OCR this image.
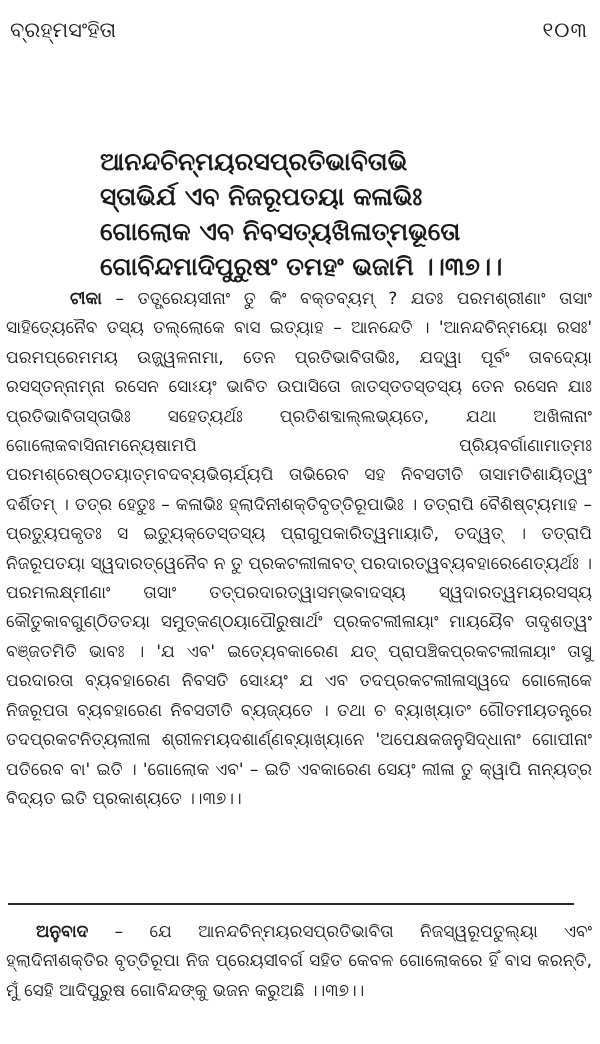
ବ୍ରହ୍ମସଂହିତା	୧୦୩
ଆନନ୍ଦଚିନ୍ମୟରସପ୍ରତିଭାବିତାଭି
ସ୍ତାଭିର୍ଯ ଏବ ନିଜରୂପତୟା କଳାଭିଃ
ଗୋଲୋକ ଏବ ନିବସତ୍ୟଖିଳାତ୍ମଭୂତୋ
ଗୋବିନ୍ଦମାଦିପୁରୁଷଂ ତମହଂ ଭଜାମି ।।୩୭।।
ଟୀକା – ତତ୍ପ୍ରେୟସୀନାଂ ତୁ କିଂ ବକ୍ତବ୍ୟମ୍ ? ଯତଃ ପରମଶ୍ରୀଣାଂ ତାସାଂ ସାହିତ୍ୟେନୈବ ତସ୍ୟ ତଲ୍ଲୋକେ ବାସ ଇତ୍ୟାହ – ଆନନ୍ଦେତି । 'ଆନନ୍ଦଚିନ୍ମୟୋ ରସଃ' ପରମପ୍ରେମମୟ ଉଜ୍ଜ୍ୱଳନାମା, ତେନ ପ୍ରତିଭାବିତାଭିଃ, ଯଦ୍ୱା ପୂର୍ବଂ ତାବଦ୍ୟୋ ରସସ୍ତନ୍ନାମ୍ନା ରସେନ ସୋଽୟଂ ଭାବିତ ଉପାସିତୋ ଜାତସ୍ତତସ୍ତସ୍ୟ ତେନ ରସେନ ଯାଃ ପ୍ରତିଭାବିତାସ୍ତାଭିଃ ସହେତ୍ୟର୍ଥଃ ପ୍ରତିଶବ୍ଦାଲ୍ଲଭ୍ୟତେ, ଯଥା ଅଖିଳାନାଂ ଗୋଲୋକବାସିନାମନ୍ୟେଷାମପି ପ୍ରିୟବର୍ଗାଣାମାତ୍ମଃ ପରମଶ୍ରେଷ୍ଠତୟାତ୍ମବଦବ୍ୟଭିଚାର୍ଯ୍ୟପି ତାଭିରେବ ସହ ନିବସତୀତି ତାସାମତିଶାୟିତ୍ୱଂ ଦର୍ଶିତମ୍ । ତତ୍ର ହେତୁଃ – କଳାଭିଃ ହ୍ଲାଦିନୀଶକ୍ତିବୃତ୍ତିରୂପାଭିଃ । ତତ୍ରାପି ବୈଶିଷ୍ଟ୍ୟମାହ – ପ୍ରତ୍ୟୁପକୃତଃ ସ ଇତ୍ୟୁକ୍ତେସ୍ତସ୍ୟ ପ୍ରାଗୁପକାରିତ୍ୱମାୟାତି, ତଦ୍ୱତ୍ । ତତ୍ରାପି ନିଜରୂପତୟା ସ୍ୱଦାରତ୍ୱେନୈବ ନ ତୁ ପ୍ରକଟଲୀଳାବତ୍ ପରଦାରତ୍ୱବ୍ୟବହାରେଣେତ୍ୟର୍ଥଃ । ପରମଲକ୍ଷ୍ମୀଣାଂ ତାସାଂ ତତ୍ପରଦାରତ୍ୱାସମ୍ଭବାଦସ୍ୟ ସ୍ୱଦାରତ୍ୱମୟରସସ୍ୟ କୌତୁକାବଗୁଣ୍ଠିତତୟା ସମୁତ୍କଣ୍ଠୟାପୌରୁଷାର୍ଥଂ ପ୍ରକଟଲୀଳାୟାଂ ମାୟୟୈବ ତାଦୃଶତ୍ୱଂ ବଞ୍ଜତମିତି ଭାବଃ । 'ଯ ଏବ' ଇତ୍ୟେବକାରେଣ ଯତ୍ ପ୍ରାପଞ୍ଚିକପ୍ରକଟଲୀଳାୟାଂ ତାସୁ ପରଦାରତା ବ୍ୟବହାରେଣ ନିବସତି ସୋଽୟଂ ଯ ଏବ ତଦପ୍ରକଟଲୀଳାସ୍ୱଦେ ଗୋଲୋକେ ନିଜରୂପତା ବ୍ୟବହାରେଣ ନିବସତୀତି ବ୍ୟଜ୍ୟତେ । ତଥା ଚ ବ୍ୟାଖ୍ୟାତଂ ଗୌତମୀୟତନ୍ତ୍ରେ ତଦପ୍ରକଟନିତ୍ୟଲୀଳା ଶ୍ରୀଳମୟଦଶାର୍ଣ୍ଣବ୍ୟାଖ୍ୟାନେ 'ଅପେକ୍ଷକଜନୁସିଦ୍ଧାନାଂ ଗୋପୀନାଂ ପତିରେବ ବା' ଇତି । 'ଗୋଲୋକ ଏବ' – ଇତି ଏବକାରେଣ ସେୟଂ ଲୀଳା ତୁ କ୍ୱାପି ନାନ୍ୟତ୍ର ବିଦ୍ୟତ ଇତି ପ୍ରକାଶ୍ୟତେ ।।୩୭।।
ଅନୁବାଦ – ଯେ ଆନନ୍ଦଚିନ୍ମୟରସପ୍ରତିଭାବିତା ନିଜସ୍ୱରୂପତୁଲ୍ୟା ଏବଂ ହ୍ଲାଦିନୀଶକ୍ତିର ବୃତ୍ତିରୂପା ନିଜ ପ୍ରେୟସୀବର୍ଗ ସହିତ କେବଳ ଗୋଲୋକରେ ହିଁ ବାସ କରନ୍ତି, ମୁଁ ସେହି ଆଦିପୁରୁଷ ଗୋବିନ୍ଦଙ୍କୁ ଭଜନ କରୁଅଛି ।।୩୭।।
